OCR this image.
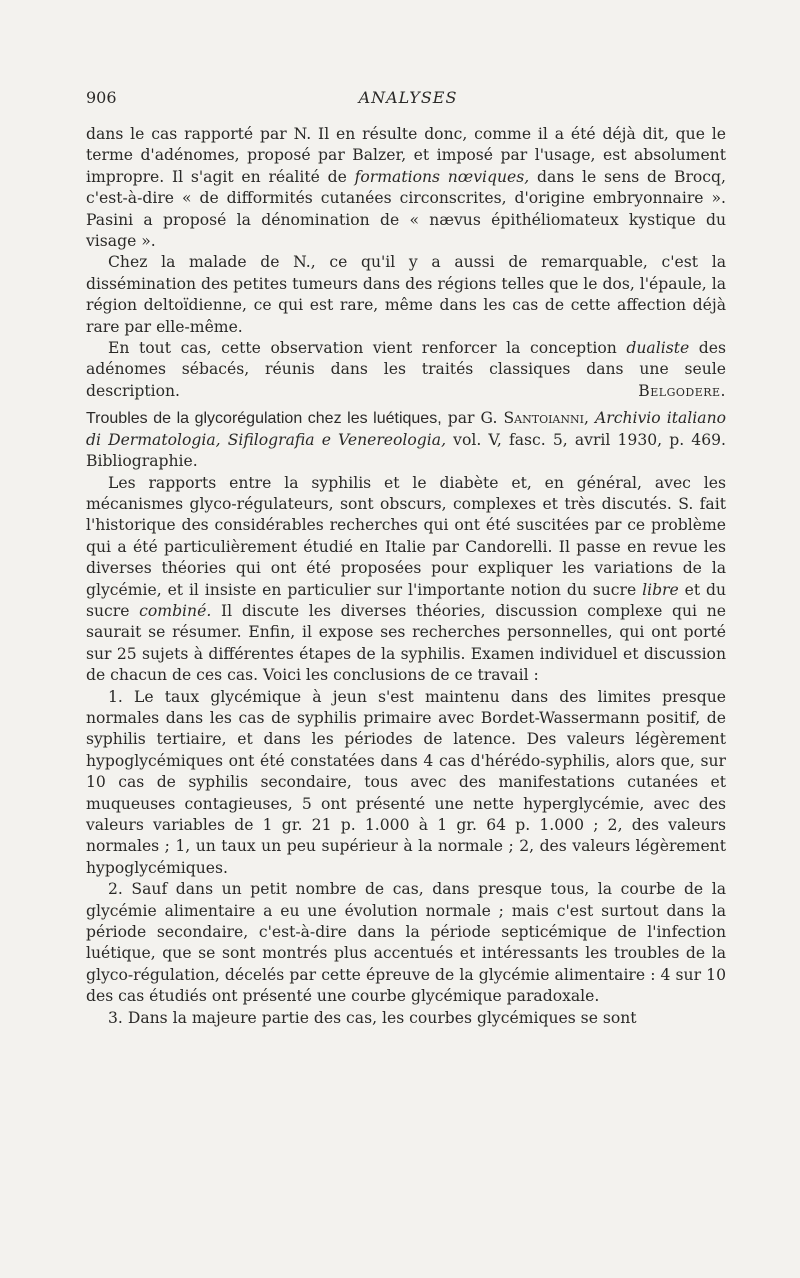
906	ANALYSES

dans le cas rapporté par N. Il en résulte donc, comme il a été déjà dit, que le terme d'adénomes, proposé par Balzer, et imposé par l'usage, est absolument impropre. Il s'agit en réalité de formations nœviques, dans le sens de Brocq, c'est-à-dire « de difformités cutanées circonscrites, d'origine embryonnaire ». Pasini a proposé la dénomination de « nævus épithéliomateux kystique du visage ».

Chez la malade de N., ce qu'il y a aussi de remarquable, c'est la dissémination des petites tumeurs dans des régions telles que le dos, l'épaule, la région deltoïdienne, ce qui est rare, même dans les cas de cette affection déjà rare par elle-même.

En tout cas, cette observation vient renforcer la conception dualiste des adénomes sébacés, réunis dans les traités classiques dans une seule description.	Belgodere.

Troubles de la glycorégulation chez les luétiques, par G. Santoianni, Archivio italiano di Dermatologia, Sifilografia e Venereologia, vol. V, fasc. 5, avril 1930, p. 469. Bibliographie.

Les rapports entre la syphilis et le diabète et, en général, avec les mécanismes glyco-régulateurs, sont obscurs, complexes et très discutés. S. fait l'historique des considérables recherches qui ont été suscitées par ce problème qui a été particulièrement étudié en Italie par Candorelli. Il passe en revue les diverses théories qui ont été proposées pour expliquer les variations de la glycémie, et il insiste en particulier sur l'importante notion du sucre libre et du sucre combiné. Il discute les diverses théories, discussion complexe qui ne saurait se résumer. Enfin, il expose ses recherches personnelles, qui ont porté sur 25 sujets à différentes étapes de la syphilis. Examen individuel et discussion de chacun de ces cas. Voici les conclusions de ce travail :

1. Le taux glycémique à jeun s'est maintenu dans des limites presque normales dans les cas de syphilis primaire avec Bordet-Wassermann positif, de syphilis tertiaire, et dans les périodes de latence. Des valeurs légèrement hypoglycémiques ont été constatées dans 4 cas d'hérédo-syphilis, alors que, sur 10 cas de syphilis secondaire, tous avec des manifestations cutanées et muqueuses contagieuses, 5 ont présenté une nette hyperglycémie, avec des valeurs variables de 1 gr. 21 p. 1.000 à 1 gr. 64 p. 1.000 ; 2, des valeurs normales ; 1, un taux un peu supérieur à la normale ; 2, des valeurs légèrement hypoglycémiques.

2. Sauf dans un petit nombre de cas, dans presque tous, la courbe de la glycémie alimentaire a eu une évolution normale ; mais c'est surtout dans la période secondaire, c'est-à-dire dans la période septicémique de l'infection luétique, que se sont montrés plus accentués et intéressants les troubles de la glyco-régulation, décelés par cette épreuve de la glycémie alimentaire : 4 sur 10 des cas étudiés ont présenté une courbe glycémique paradoxale.

3. Dans la majeure partie des cas, les courbes glycémiques se sont
